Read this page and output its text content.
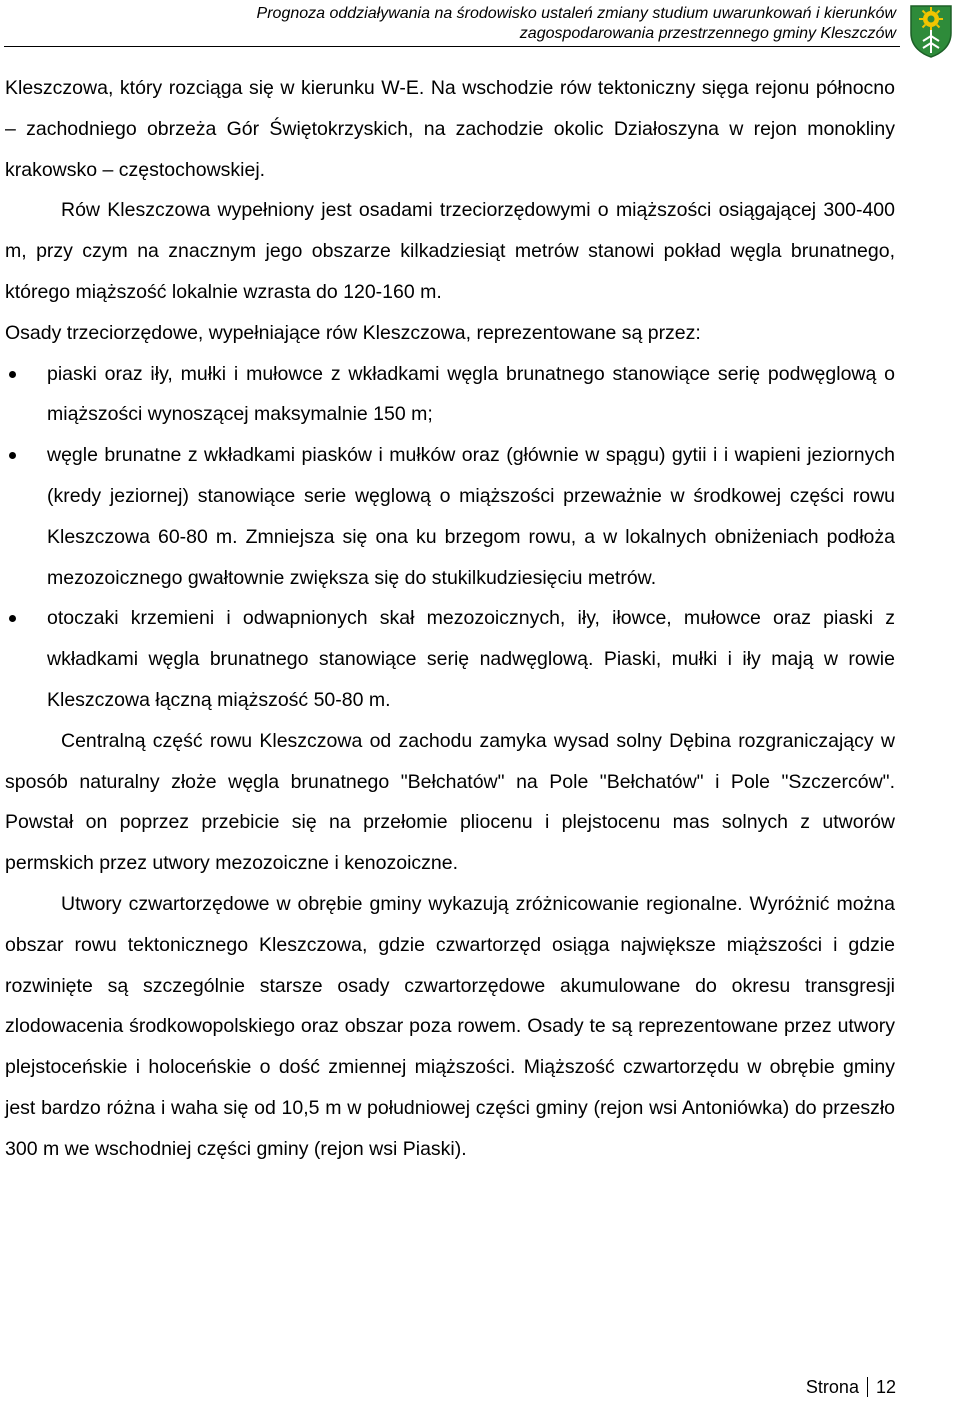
Prognoza oddziaływania na środowisko ustaleń zmiany studium uwarunkowań i kierunków
zagospodarowania przestrzennego gminy Kleszczów

Kleszczowa, który rozciąga się w kierunku W-E. Na wschodzie rów tektoniczny sięga rejonu północno – zachodniego obrzeża Gór Świętokrzyskich, na zachodzie okolic Działoszyna w rejon monokliny krakowsko – częstochowskiej.

Rów Kleszczowa wypełniony jest osadami trzeciorzędowymi o miąższości osiągającej 300-400 m, przy czym na znacznym jego obszarze kilkadziesiąt metrów stanowi pokład węgla brunatnego, którego miąższość lokalnie wzrasta do 120-160 m.

Osady trzeciorzędowe, wypełniające rów Kleszczowa, reprezentowane są przez:

piaski oraz iły, mułki i mułowce z wkładkami węgla brunatnego stanowiące serię podwęglową o miąższości wynoszącej maksymalnie 150 m;
węgle brunatne z wkładkami piasków i mułków oraz (głównie w spągu) gytii i i wapieni jeziornych (kredy jeziornej) stanowiące serie węglową o miąższości przeważnie w środkowej części rowu Kleszczowa 60-80 m. Zmniejsza się ona ku brzegom rowu, a w lokalnych obniżeniach podłoża mezozoicznego gwałtownie zwiększa się do stukilkudziesięciu metrów.
otoczaki krzemieni i odwapnionych skał mezozoicznych, iły, iłowce, mułowce oraz piaski z wkładkami węgla brunatnego stanowiące serię nadwęglową. Piaski, mułki i iły mają w rowie Kleszczowa łączną miąższość 50-80 m.

Centralną część rowu Kleszczowa od zachodu zamyka wysad solny Dębina rozgraniczający w sposób naturalny złoże węgla brunatnego "Bełchatów" na Pole "Bełchatów" i Pole "Szczerców". Powstał on poprzez przebicie się na przełomie pliocenu i plejstocenu mas solnych z utworów permskich przez utwory mezozoiczne i kenozoiczne.

Utwory czwartorzędowe w obrębie gminy wykazują zróżnicowanie regionalne. Wyróżnić można obszar rowu tektonicznego Kleszczowa, gdzie czwartorzęd osiąga największe miąższości i gdzie rozwinięte są szczególnie starsze osady czwartorzędowe akumulowane do okresu transgresji zlodowacenia środkowopolskiego oraz obszar poza rowem. Osady te są reprezentowane przez utwory plejstoceńskie i holoceńskie o dość zmiennej miąższości. Miąższość czwartorzędu w obrębie gminy jest bardzo różna i waha się od 10,5 m w południowej części gminy (rejon wsi Antoniówka) do przeszło 300 m we wschodniej części gminy (rejon wsi Piaski).

Strona 12
